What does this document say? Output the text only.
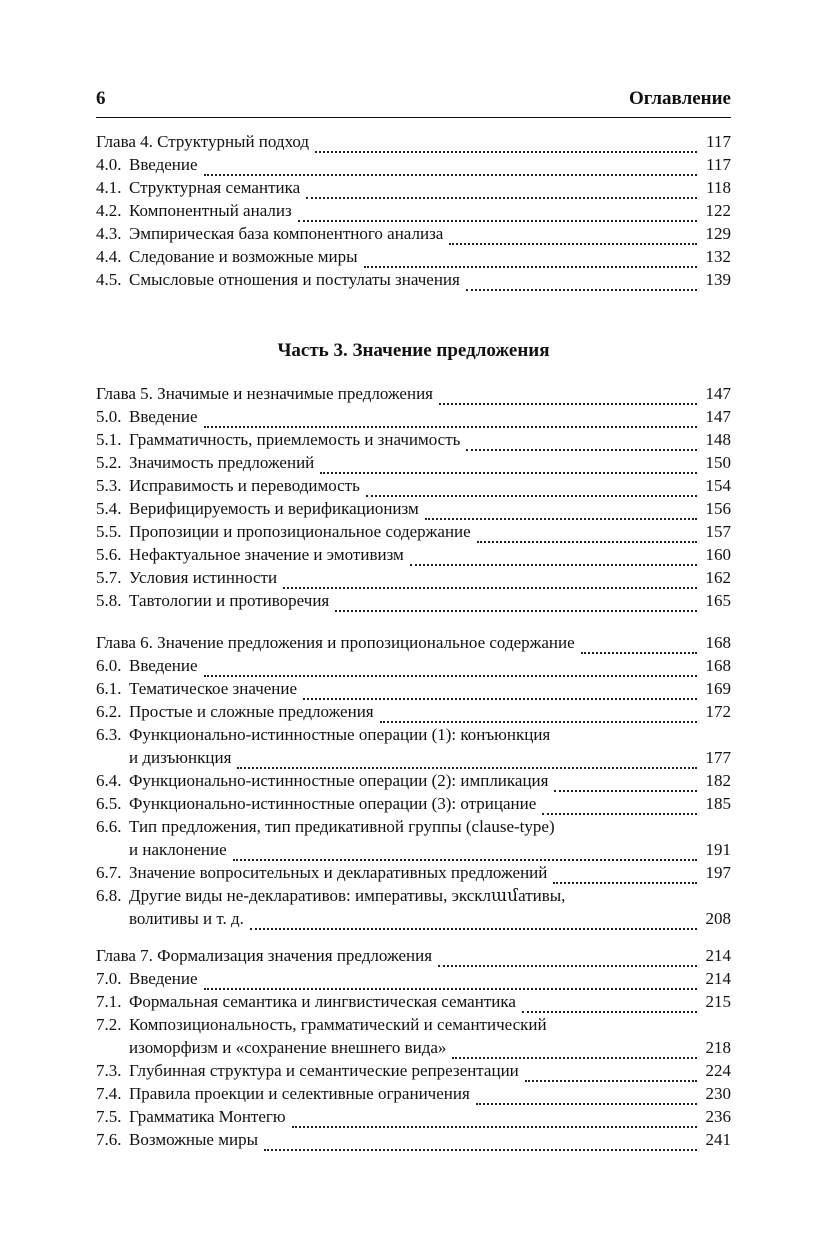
6	Оглавление
Глава 4. Структурный подход	117
4.0. Введение	117
4.1. Структурная семантика	118
4.2. Компонентный анализ	122
4.3. Эмпирическая база компонентного анализа	129
4.4. Следование и возможные миры	132
4.5. Смысловые отношения и постулаты значения	139
Часть 3. Значение предложения
Глава 5. Значимые и незначимые предложения	147
5.0. Введение	147
5.1. Грамматичность, приемлемость и значимость	148
5.2. Значимость предложений	150
5.3. Исправимость и переводимость	154
5.4. Верифицируемость и верификационизм	156
5.5. Пропозиции и пропозициональное содержание	157
5.6. Нефактуальное значение и эмотивизм	160
5.7. Условия истинности	162
5.8. Тавтологии и противоречия	165
Глава 6. Значение предложения и пропозициональное содержание	168
6.0. Введение	168
6.1. Тематическое значение	169
6.2. Простые и сложные предложения	172
6.3. Функционально-истинностные операции (1): конъюнкция
и дизъюнкция	177
6.4. Функционально-истинностные операции (2): импликация	182
6.5. Функционально-истинностные операции (3): отрицание	185
6.6. Тип предложения, тип предикативной группы (clause-type)
и наклонение	191
6.7. Значение вопросительных и декларативных предложений	197
6.8. Другие виды не-декларативов: императивы, эксклամативы,
волитивы и т. д.	208
Глава 7. Формализация значения предложения	214
7.0. Введение	214
7.1. Формальная семантика и лингвистическая семантика	215
7.2. Композициональность, грамматический и семантический
изоморфизм и «сохранение внешнего вида»	218
7.3. Глубинная структура и семантические репрезентации	224
7.4. Правила проекции и селективные ограничения	230
7.5. Грамматика Монтегю	236
7.6. Возможные миры	241
